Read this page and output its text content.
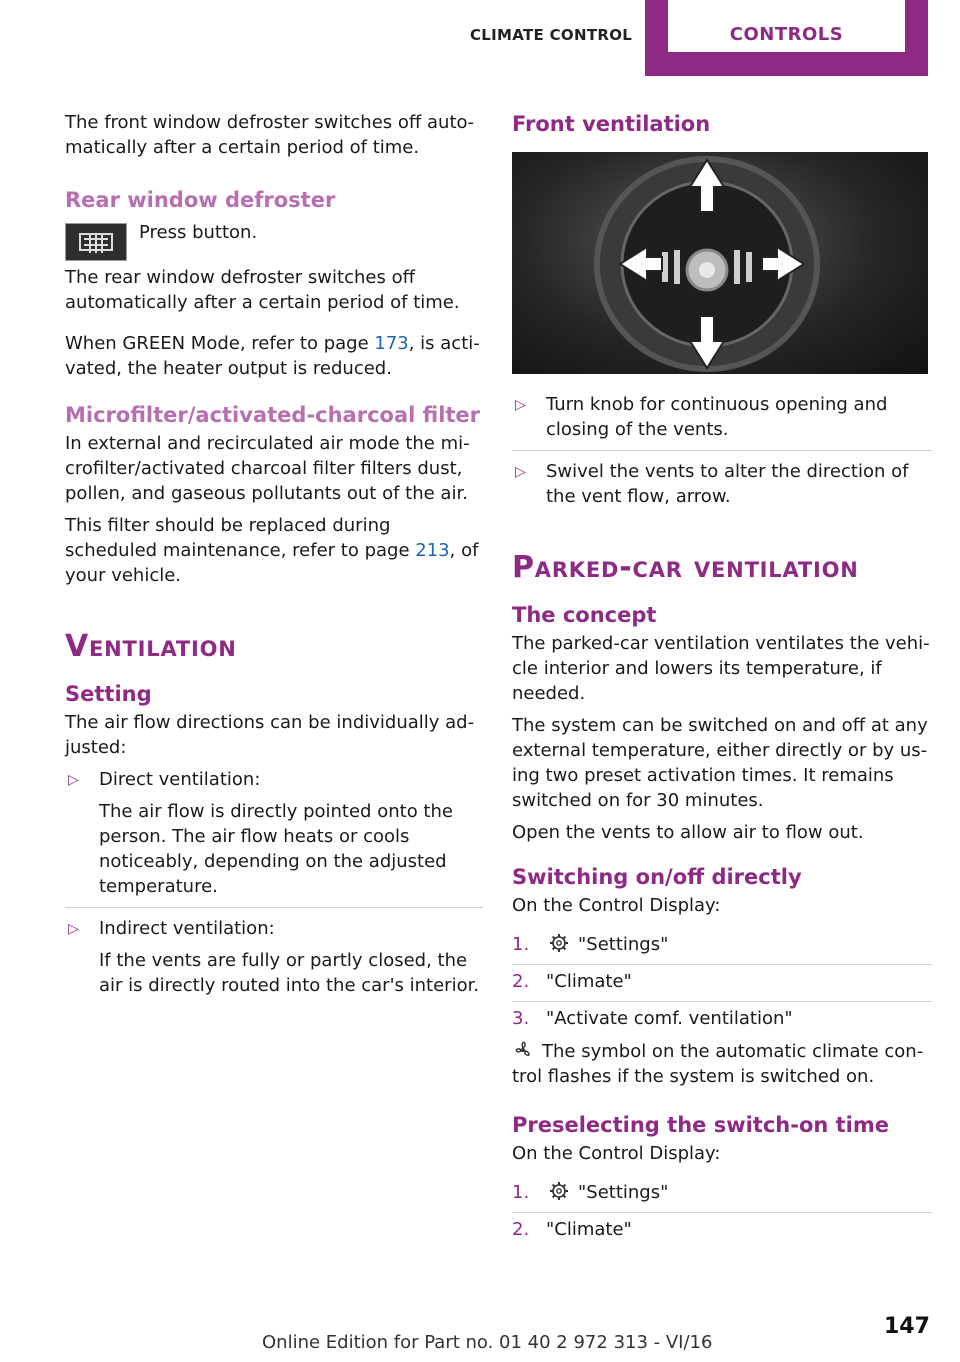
CLIMATE CONTROL	CONTROLS

The front window defroster switches off automatically after a certain period of time.

Rear window defroster

Press button.

The rear window defroster switches off automatically after a certain period of time.

When GREEN Mode, refer to page 173, is activated, the heater output is reduced.

Microfilter/activated-charcoal filter

In external and recirculated air mode the microfilter/activated charcoal filter filters dust, pollen, and gaseous pollutants out of the air.

This filter should be replaced during scheduled maintenance, refer to page 213, of your vehicle.

Ventilation
Setting

The air flow directions can be individually adjusted:

▷ Direct ventilation:

The air flow is directly pointed onto the person. The air flow heats or cools noticeably, depending on the adjusted temperature.

▷ Indirect ventilation:

If the vents are fully or partly closed, the air is directly routed into the car's interior.

Front ventilation
▷ Turn knob for continuous opening and closing of the vents.
▷ Swivel the vents to alter the direction of the vent flow, arrow.
Parked-car ventilation
The concept

The parked-car ventilation ventilates the vehicle interior and lowers its temperature, if needed.

The system can be switched on and off at any external temperature, either directly or by using two preset activation times. It remains switched on for 30 minutes.

Open the vents to allow air to flow out.

Switching on/off directly

On the Control Display:

1.	"Settings"
2. "Climate"
3. "Activate comf. ventilation"

The symbol on the automatic climate control flashes if the system is switched on.

Preselecting the switch-on time

On the Control Display:

1.	"Settings"
2. "Climate"
147
Online Edition for Part no. 01 40 2 972 313 - VI/16
